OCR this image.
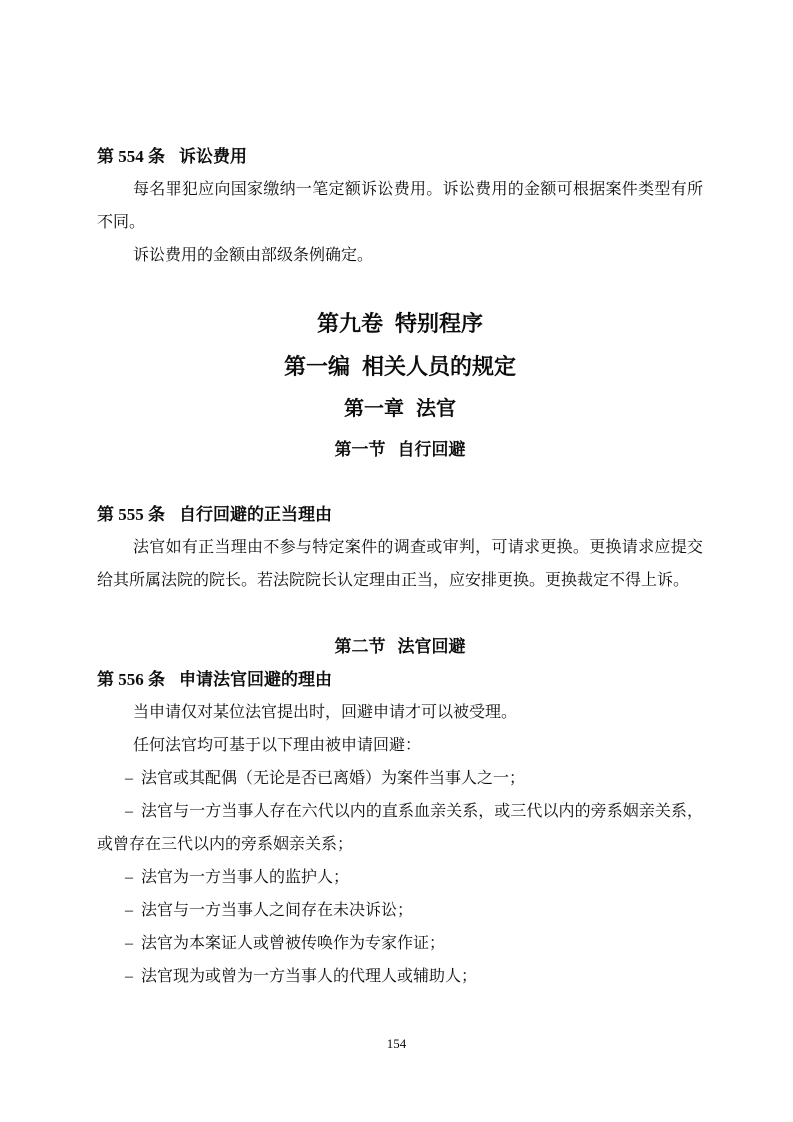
第 554 条 诉讼费用

每名罪犯应向国家缴纳一笔定额诉讼费用。诉讼费用的金额可根据案件类型有所不同。

诉讼费用的金额由部级条例确定。

第九卷 特别程序
第一编 相关人员的规定
第一章 法官
第一节 自行回避
第 555 条 自行回避的正当理由

法官如有正当理由不参与特定案件的调查或审判，可请求更换。更换请求应提交给其所属法院的院长。若法院院长认定理由正当，应安排更换。更换裁定不得上诉。

第二节 法官回避
第 556 条 申请法官回避的理由

当申请仅对某位法官提出时，回避申请才可以被受理。

任何法官均可基于以下理由被申请回避：

– 法官或其配偶（无论是否已离婚）为案件当事人之一；

– 法官与一方当事人存在六代以内的直系血亲关系，或三代以内的旁系姻亲关系，或曾存在三代以内的旁系姻亲关系；

– 法官为一方当事人的监护人；

– 法官与一方当事人之间存在未决诉讼；

– 法官为本案证人或曾被传唤作为专家作证；

– 法官现为或曾为一方当事人的代理人或辅助人；

154
